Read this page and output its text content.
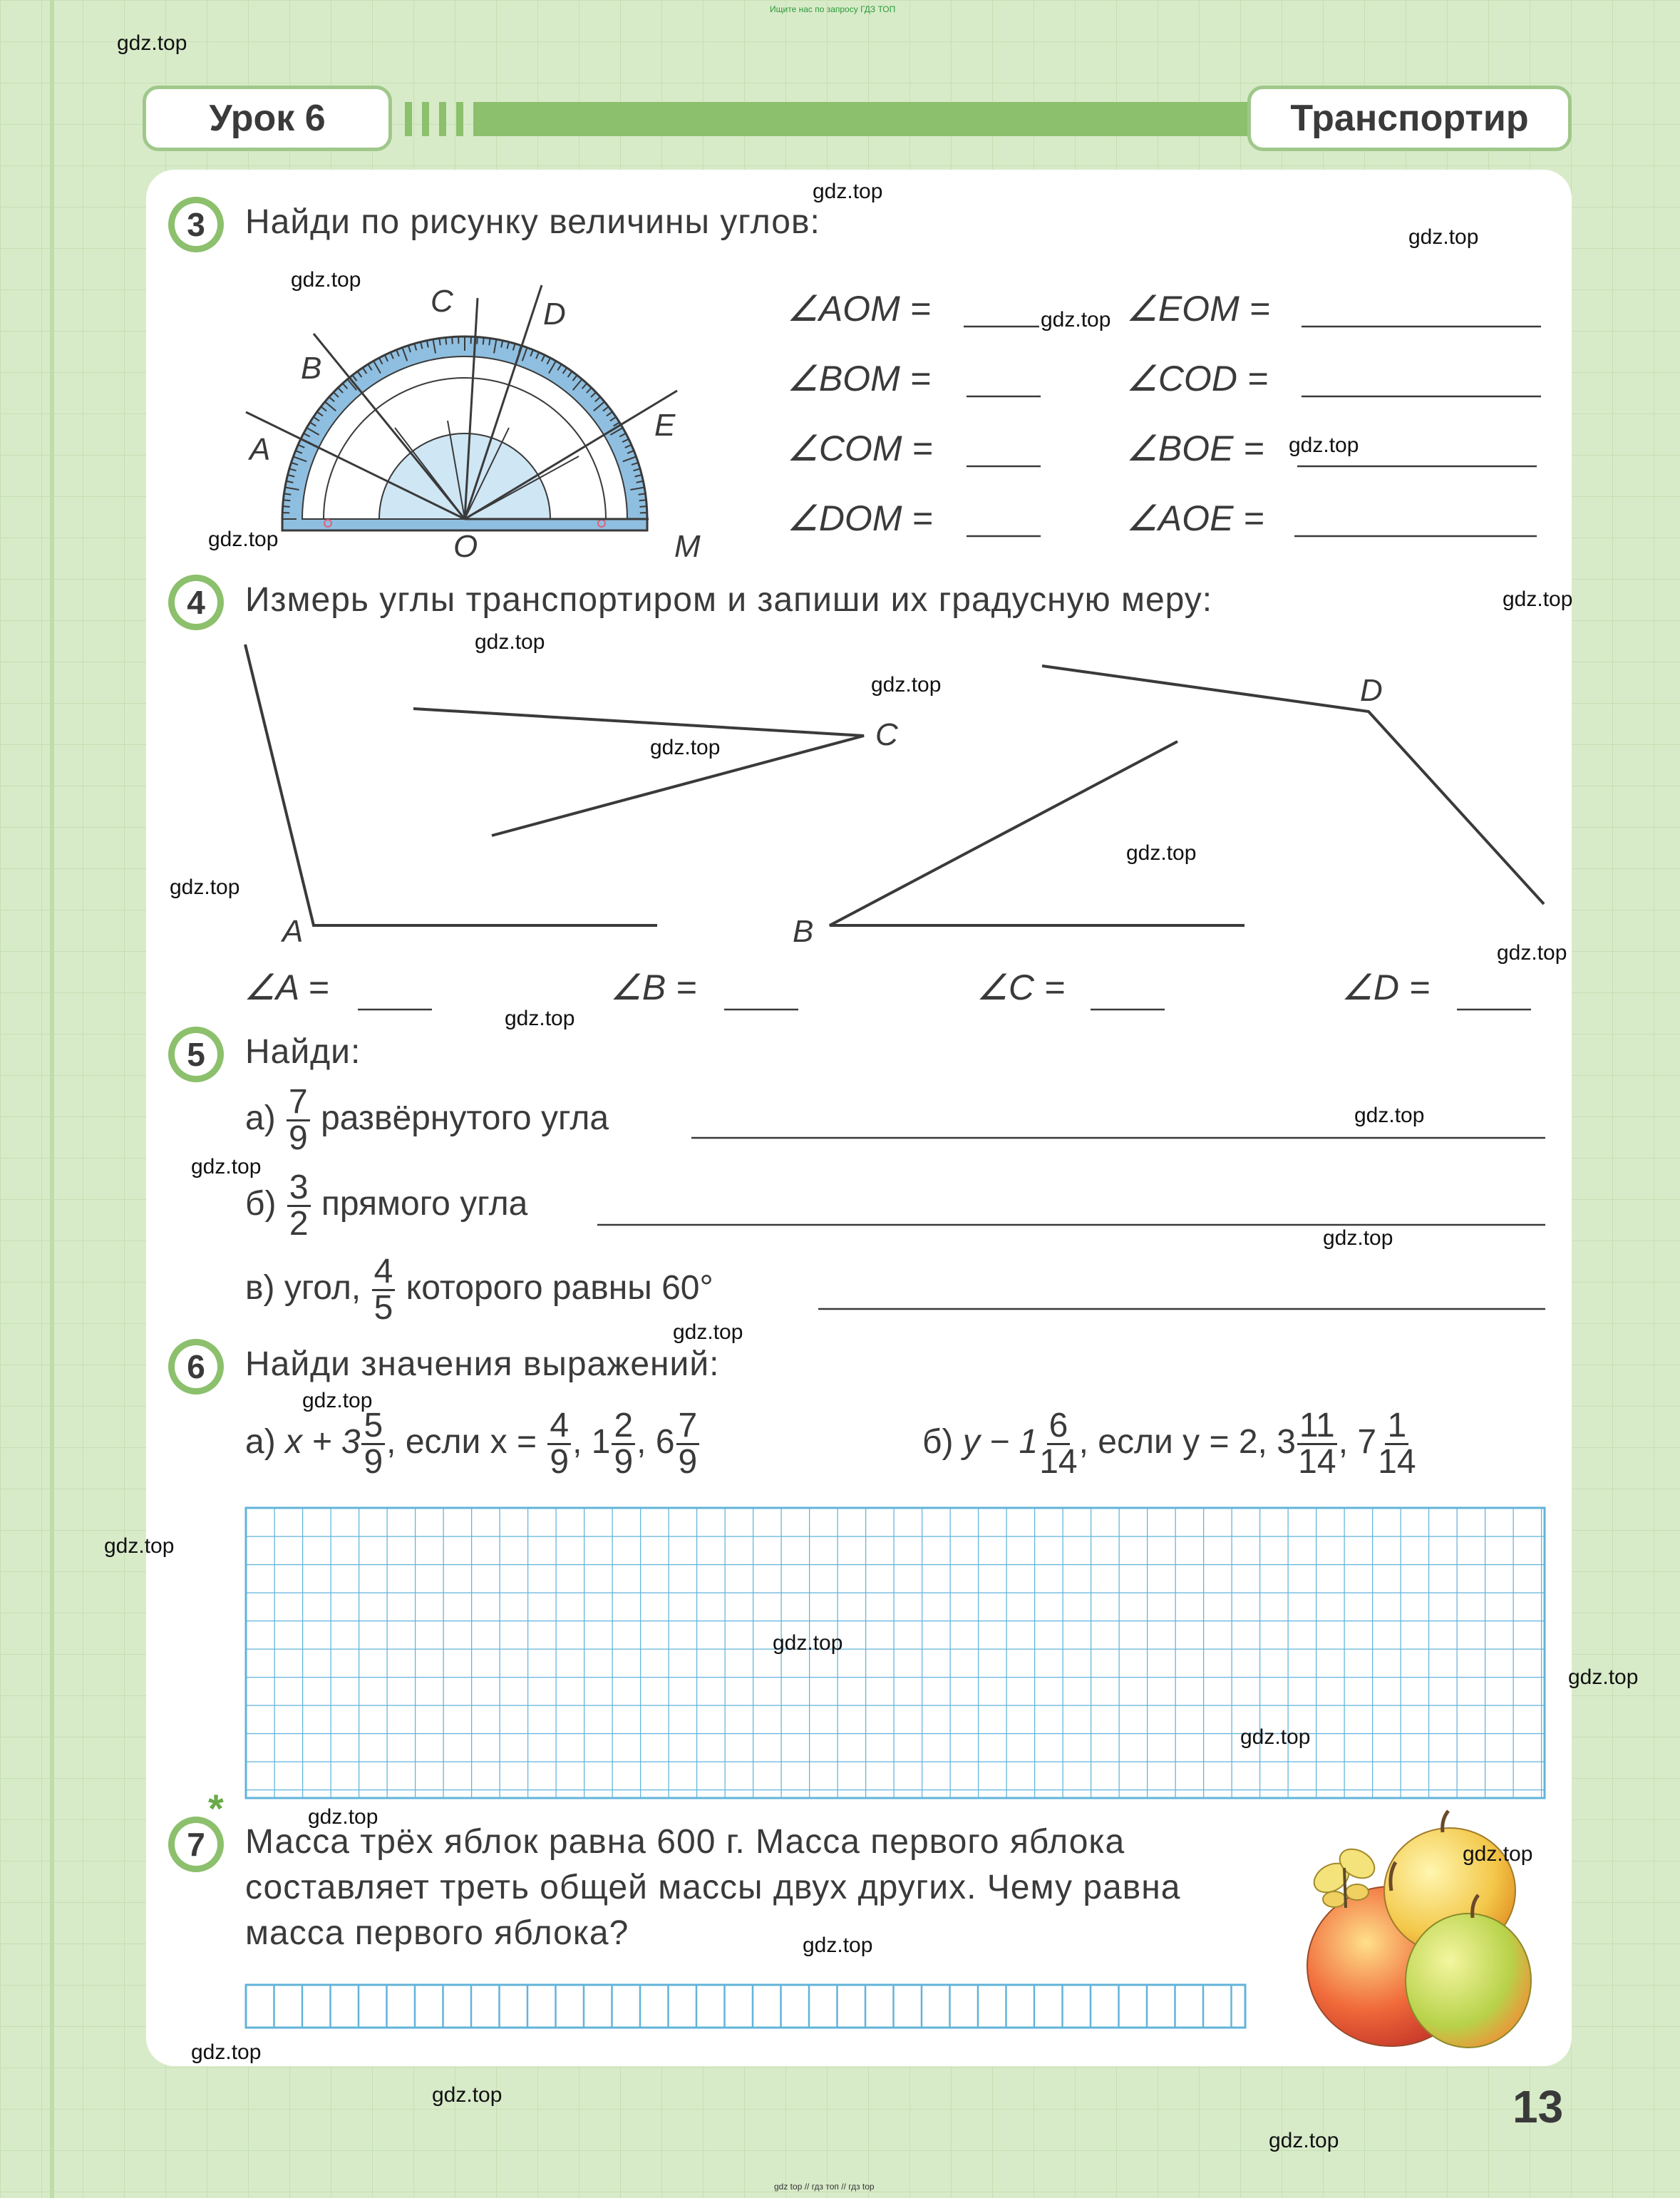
Ищите нас по запросу ГДЗ ТОП
gdz top // гдз топ // гдз top
Урок 6	Транспортир
3	Найди по рисунку величины углов:
C	D
B
E
A
O	M
∠AOM =	∠EOM =
∠BOM =	∠COD =
∠COM =	∠BOE =
∠DOM =	∠AOE =
4	Измерь углы транспортиром и запиши их градусную меру:
A	B
C
D
∠A =	∠B =	∠C =	∠D =
5	Найди:
$а) \frac{7}{9}$ развёрнутого угла
$б) \frac{3}{2}$ прямого угла
в) угол, $\frac{4}{5}$ которого равны 60°
6	Найди значения выражений:
а) $x + 3 \frac{5}{9}$ , если $x = \frac{4}{9}$ , $1 \frac{2}{9}$ , $6 \frac{7}{9}$	б) $y - 1 \frac{6}{14}$ , если y = 2, $3 \frac{11}{14}$ , $7 \frac{1}{14}$
7
*
Масса трёх яблок равна 600 г. Масса первого яблока
составляет треть общей массы двух других. Чему равна
масса первого яблока?
13
gdz.top
gdz.top
gdz.top
gdz.top
gdz.top
gdz.top
gdz.top
gdz.top
gdz.top
gdz.top
gdz.top
gdz.top
gdz.top
gdz.top
gdz.top
gdz.top
gdz.top
gdz.top
gdz.top
gdz.top
gdz.top
gdz.top
gdz.top
gdz.top
gdz.top
gdz.top
gdz.top
gdz.top
gdz.top
gdz.top
